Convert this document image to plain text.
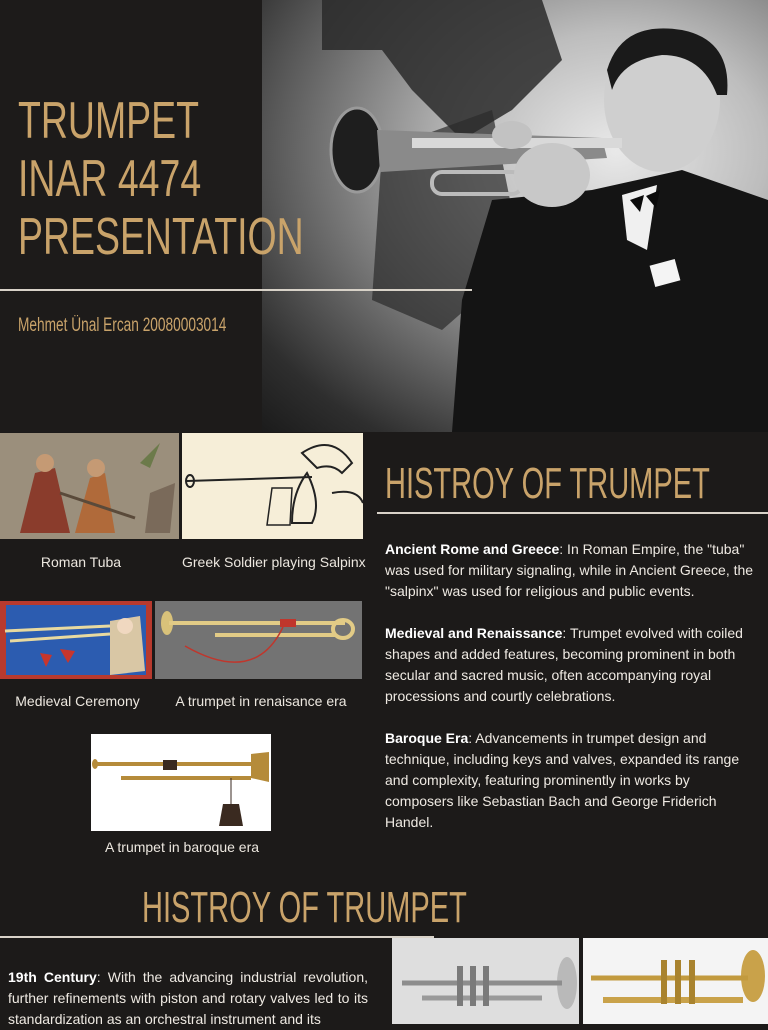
TRUMPET
INAR 4474
PRESENTATION
Mehmet Ünal Ercan 20080003014
Roman Tuba	Greek Soldier playing Salpinx
Medieval Ceremony	A trumpet in renaisance era
A trumpet in baroque era
HISTROY OF TRUMPET

Ancient Rome and Greece: In Roman Empire, the "tuba" was used for military signaling, while in Ancient Greece, the "salpinx" was used for religious and public events.

Medieval and Renaissance: Trumpet evolved with coiled shapes and added features, becoming prominent in both secular and sacred music, often accompanying royal processions and courtly celebrations.

Baroque Era: Advancements in trumpet design and technique, including keys and valves, expanded its range and complexity, featuring prominently in works by composers like Sebastian Bach and George Friderich Handel.

HISTROY OF TRUMPET
19th Century: With the advancing industrial revolution, further refinements with piston and rotary valves led to its standardization as an orchestral instrument and its
